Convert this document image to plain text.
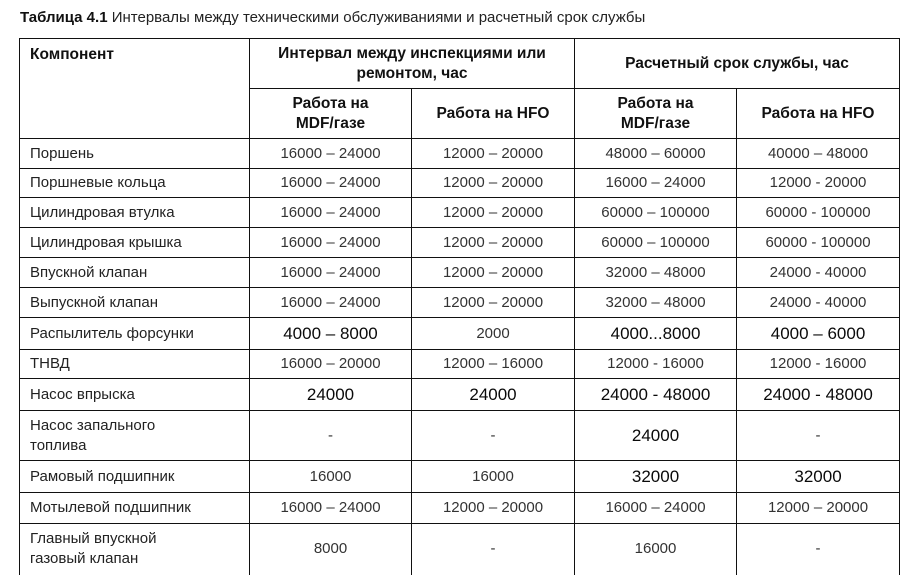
Таблица 4.1 Интервалы между техническими обслуживаниями и расчетный срок службы
Компонент	Интервал между инспекциями или ремонтом, час		Расчетный срок службы, час	
	Работа на MDF/газе	Работа на HFO	Работа на MDF/газе	Работа на HFO
Поршень	16000 – 24000	12000 – 20000	48000 – 60000	40000 – 48000
Поршневые кольца	16000 – 24000	12000 – 20000	16000 – 24000	12000 - 20000
Цилиндровая втулка	16000 – 24000	12000 – 20000	60000 – 100000	60000 - 100000
Цилиндровая крышка	16000 – 24000	12000 – 20000	60000 – 100000	60000 - 100000
Впускной клапан	16000 – 24000	12000 – 20000	32000 – 48000	24000 - 40000
Выпускной клапан	16000 – 24000	12000 – 20000	32000 – 48000	24000 - 40000
Распылитель форсунки	4000 – 8000	2000	4000...8000	4000 – 6000
ТНВД	16000 – 20000	12000 – 16000	12000 - 16000	12000 - 16000
Насос впрыска	24000	24000	24000 - 48000	24000 - 48000
Насос запального топлива	-	-	24000	-
Рамовый подшипник	16000	16000	32000	32000
Мотылевой подшипник	16000 – 24000	12000 – 20000	16000 – 24000	12000 – 20000
Главный впускной газовый клапан	8000	-	16000	-
